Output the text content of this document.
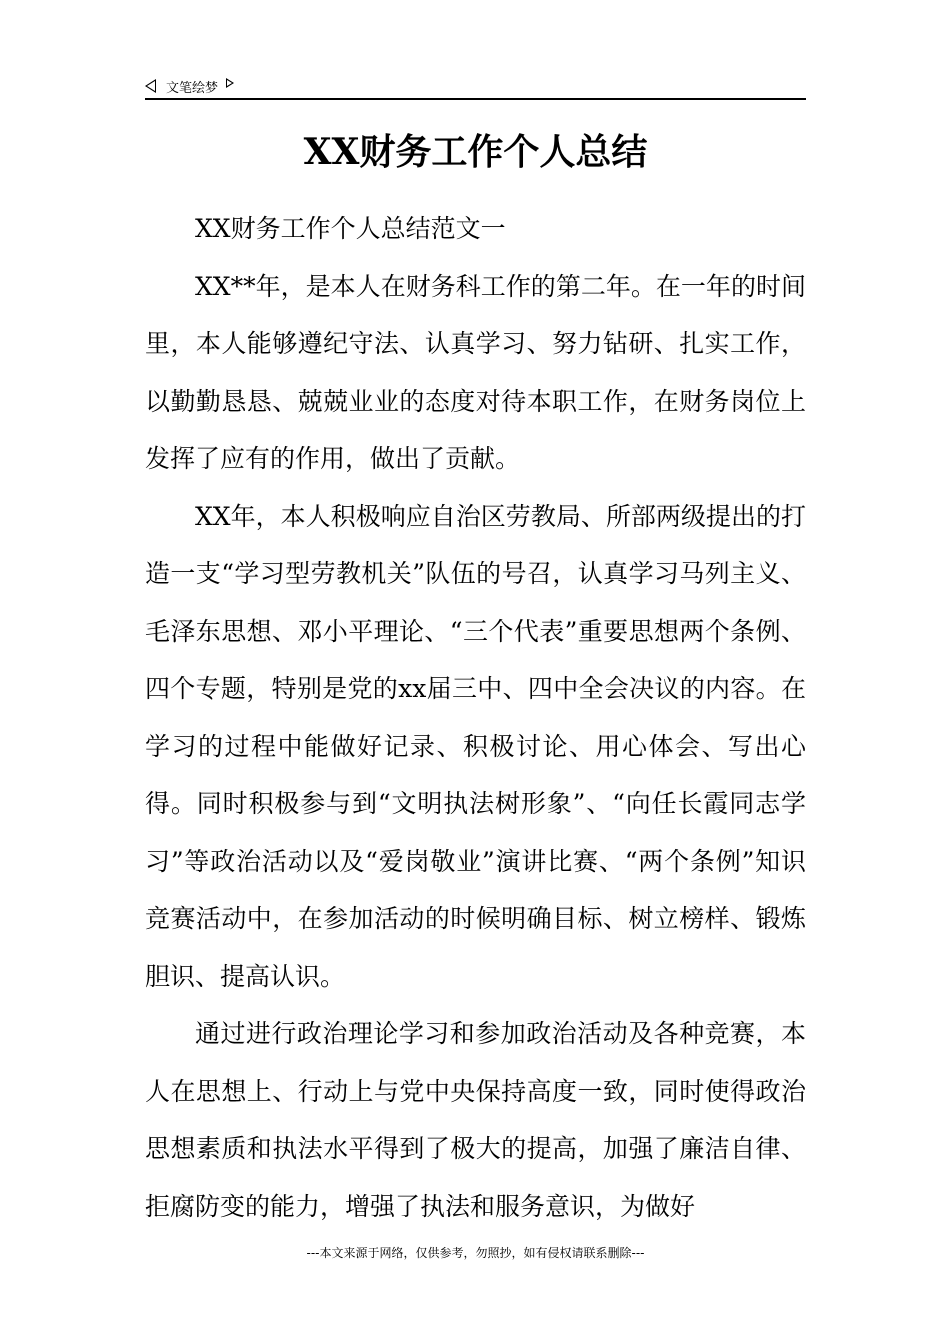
文笔绘梦
XX财务工作个人总结

XX财务工作个人总结范文一

XX**年，是本人在财务科工作的第二年。在一年的时间里，本人能够遵纪守法、认真学习、努力钻研、扎实工作，以勤勤恳恳、兢兢业业的态度对待本职工作，在财务岗位上发挥了应有的作用，做出了贡献。

XX年，本人积极响应自治区劳教局、所部两级提出的打造一支“学习型劳教机关”队伍的号召，认真学习马列主义、毛泽东思想、邓小平理论、“三个代表”重要思想两个条例、四个专题，特别是党的xx届三中、四中全会决议的内容。在学习的过程中能做好记录、积极讨论、用心体会、写出心得。同时积极参与到“文明执法树形象”、“向任长霞同志学习”等政治活动以及“爱岗敬业”演讲比赛、“两个条例”知识竞赛活动中，在参加活动的时候明确目标、树立榜样、锻炼胆识、提高认识。

通过进行政治理论学习和参加政治活动及各种竞赛，本人在思想上、行动上与党中央保持高度一致，同时使得政治思想素质和执法水平得到了极大的提高，加强了廉洁自律、拒腐防变的能力，增强了执法和服务意识，为做好

---本文来源于网络，仅供参考，勿照抄，如有侵权请联系删除---
